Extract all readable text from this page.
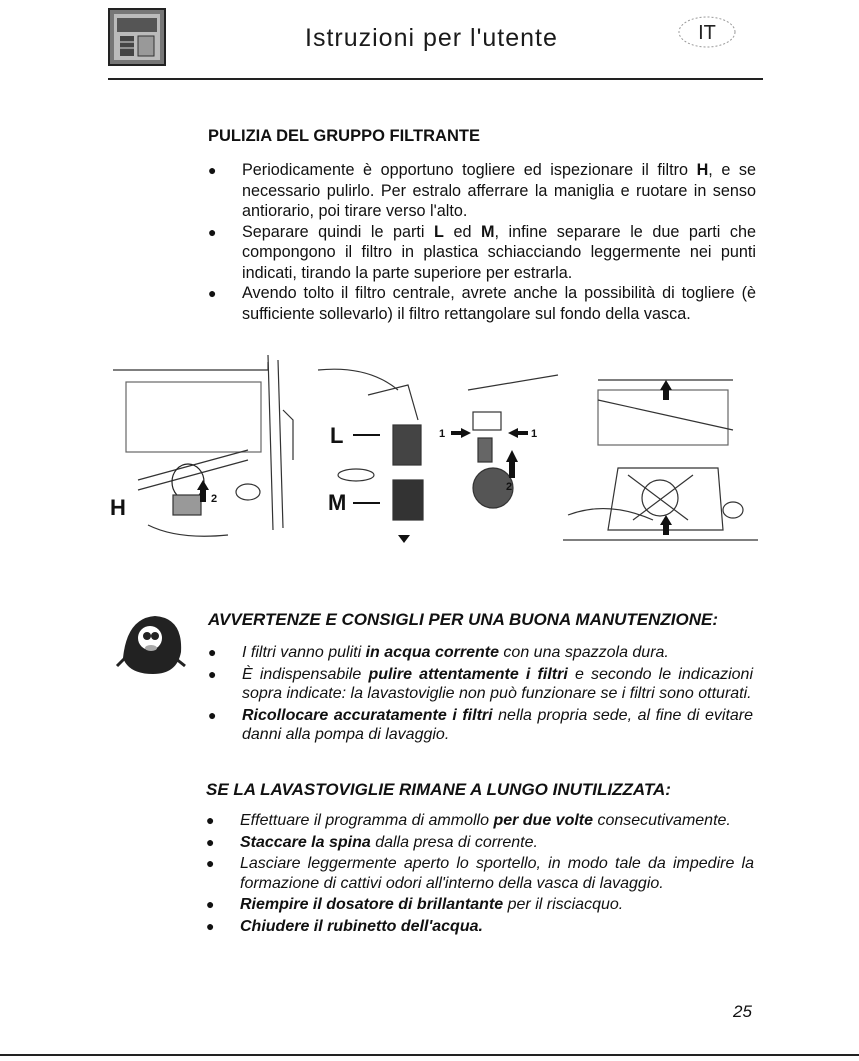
Istruzioni per l'utente	IT
PULIZIA DEL GRUPPO FILTRANTE
● Periodicamente è opportuno togliere ed ispezionare il filtro H, e se necessario pulirlo. Per estralo afferrare la maniglia e ruotare in senso antiorario, poi tirare verso l'alto.
● Separare quindi le parti L ed M, infine separare le due parti che compongono il filtro in plastica schiacciando leggermente nei punti indicati, tirando la parte superiore per estrarla.
● Avendo tolto il filtro centrale, avrete anche la possibilità di togliere (è sufficiente sollevarlo) il filtro rettangolare sul fondo della vasca.
H
L
M
1	1
2
2
AVVERTENZE E CONSIGLI PER UNA BUONA MANUTENZIONE:
● I filtri vanno puliti in acqua corrente con una spazzola dura.
● È indispensabile pulire attentamente i filtri e secondo le indicazioni sopra indicate: la lavastoviglie non può funzionare se i filtri sono otturati.
● Ricollocare accuratamente i filtri nella propria sede, al fine di evitare danni alla pompa di lavaggio.
SE LA LAVASTOVIGLIE RIMANE A LUNGO INUTILIZZATA:
● Effettuare il programma di ammollo per due volte consecutivamente.
● Staccare la spina dalla presa di corrente.
● Lasciare leggermente aperto lo sportello, in modo tale da impedire la formazione di cattivi odori all'interno della vasca di lavaggio.
● Riempire il dosatore di brillantante per il risciacquo.
● Chiudere il rubinetto dell'acqua.
25
